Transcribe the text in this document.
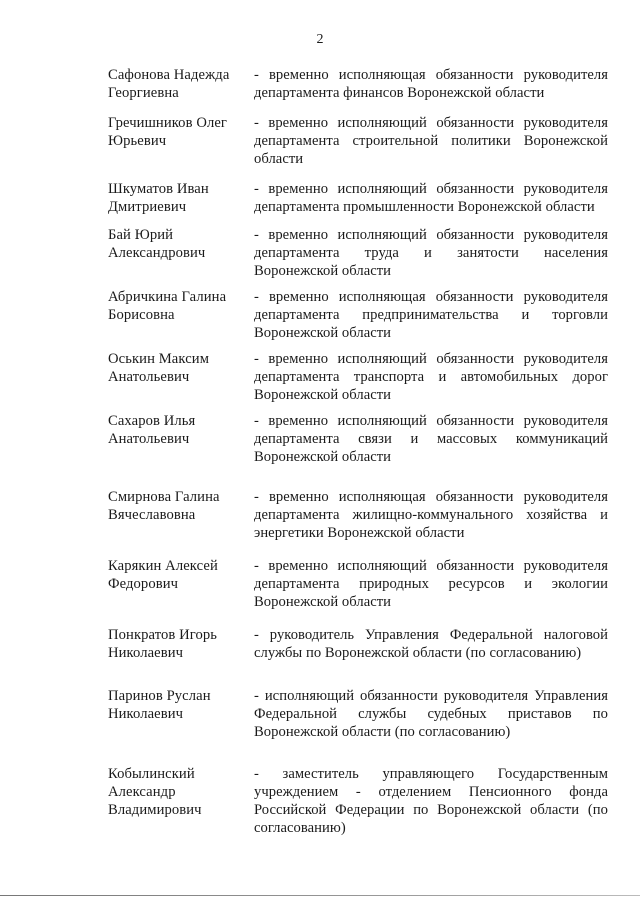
2
Сафонова Надежда
Георгиевна
- временно исполняющая обязанности руководителя департамента финансов Воронежской области
Гречишников Олег
Юрьевич
- временно исполняющий обязанности руководителя департамента строительной политики Воронежской области
Шкуматов Иван
Дмитриевич
- временно исполняющий обязанности руководителя департамента промышленности Воронежской области
Бай Юрий
Александрович
- временно исполняющий обязанности руководителя департамента труда и занятости населения Воронежской области
Абричкина Галина
Борисовна
- временно исполняющая обязанности руководителя департамента предпринимательства и торговли Воронежской области
Оськин Максим
Анатольевич
- временно исполняющий обязанности руководителя департамента транспорта и автомобильных дорог Воронежской области
Сахаров Илья
Анатольевич
- временно исполняющий обязанности руководителя департамента связи и массовых коммуникаций Воронежской области
Смирнова Галина
Вячеславовна
- временно исполняющая обязанности руководителя департамента жилищно-коммунального хозяйства и энергетики Воронежской области
Карякин Алексей
Федорович
- временно исполняющий обязанности руководителя департамента природных ресурсов и экологии Воронежской области
Понкратов Игорь
Николаевич
- руководитель Управления Федеральной налоговой службы по Воронежской области (по согласованию)
Паринов Руслан
Николаевич
- исполняющий обязанности руководителя Управления Федеральной службы судебных приставов по Воронежской области (по согласованию)
Кобылинский
Александр
Владимирович
- заместитель управляющего Государственным учреждением - отделением Пенсионного фонда Российской Федерации по Воронежской области (по согласованию)
